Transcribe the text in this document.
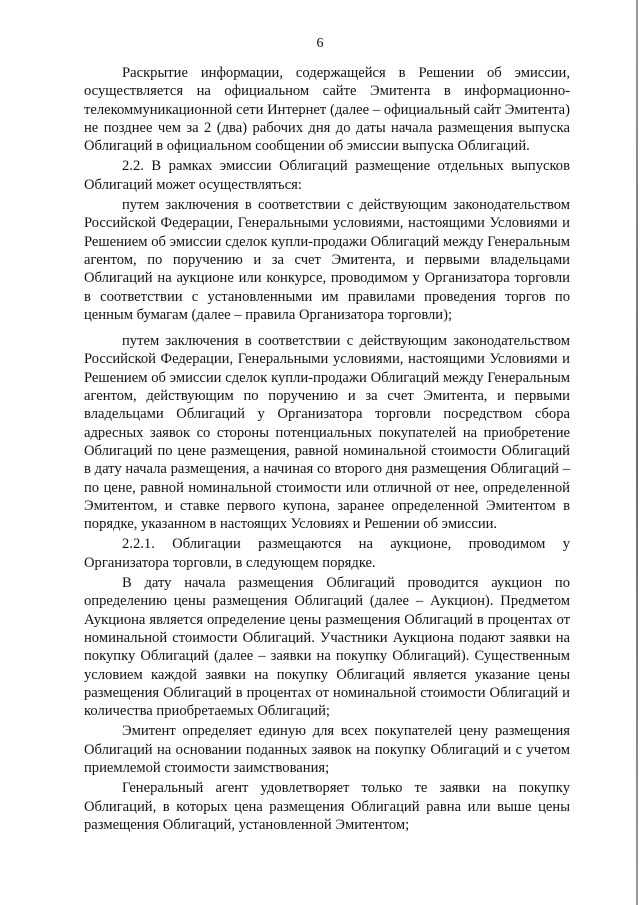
6

Раскрытие информации, содержащейся в Решении об эмиссии, осуществляется на официальном сайте Эмитента в информационно-телекоммуникационной сети Интернет (далее – официальный сайт Эмитента) не позднее чем за 2 (два) рабочих дня до даты начала размещения выпуска Облигаций в официальном сообщении об эмиссии выпуска Облигаций.

2.2. В рамках эмиссии Облигаций размещение отдельных выпусков Облигаций может осуществляться:

путем заключения в соответствии с действующим законодательством Российской Федерации, Генеральными условиями, настоящими Условиями и Решением об эмиссии сделок купли-продажи Облигаций между Генеральным агентом, по поручению и за счет Эмитента, и первыми владельцами Облигаций на аукционе или конкурсе, проводимом у Организатора торговли в соответствии с установленными им правилами проведения торгов по ценным бумагам (далее – правила Организатора торговли);

путем заключения в соответствии с действующим законодательством Российской Федерации, Генеральными условиями, настоящими Условиями и Решением об эмиссии сделок купли-продажи Облигаций между Генеральным агентом, действующим по поручению и за счет Эмитента, и первыми владельцами Облигаций у Организатора торговли посредством сбора адресных заявок со стороны потенциальных покупателей на приобретение Облигаций по цене размещения, равной номинальной стоимости Облигаций в дату начала размещения, а начиная со второго дня размещения Облигаций – по цене, равной номинальной стоимости или отличной от нее, определенной Эмитентом, и ставке первого купона, заранее определенной Эмитентом в порядке, указанном в настоящих Условиях и Решении об эмиссии.

2.2.1. Облигации размещаются на аукционе, проводимом у Организатора торговли, в следующем порядке.

В дату начала размещения Облигаций проводится аукцион по определению цены размещения Облигаций (далее – Аукцион). Предметом Аукциона является определение цены размещения Облигаций в процентах от номинальной стоимости Облигаций. Участники Аукциона подают заявки на покупку Облигаций (далее – заявки на покупку Облигаций). Существенным условием каждой заявки на покупку Облигаций является указание цены размещения Облигаций в процентах от номинальной стоимости Облигаций и количества приобретаемых Облигаций;

Эмитент определяет единую для всех покупателей цену размещения Облигаций на основании поданных заявок на покупку Облигаций и с учетом приемлемой стоимости заимствования;

Генеральный агент удовлетворяет только те заявки на покупку Облигаций, в которых цена размещения Облигаций равна или выше цены размещения Облигаций, установленной Эмитентом;
